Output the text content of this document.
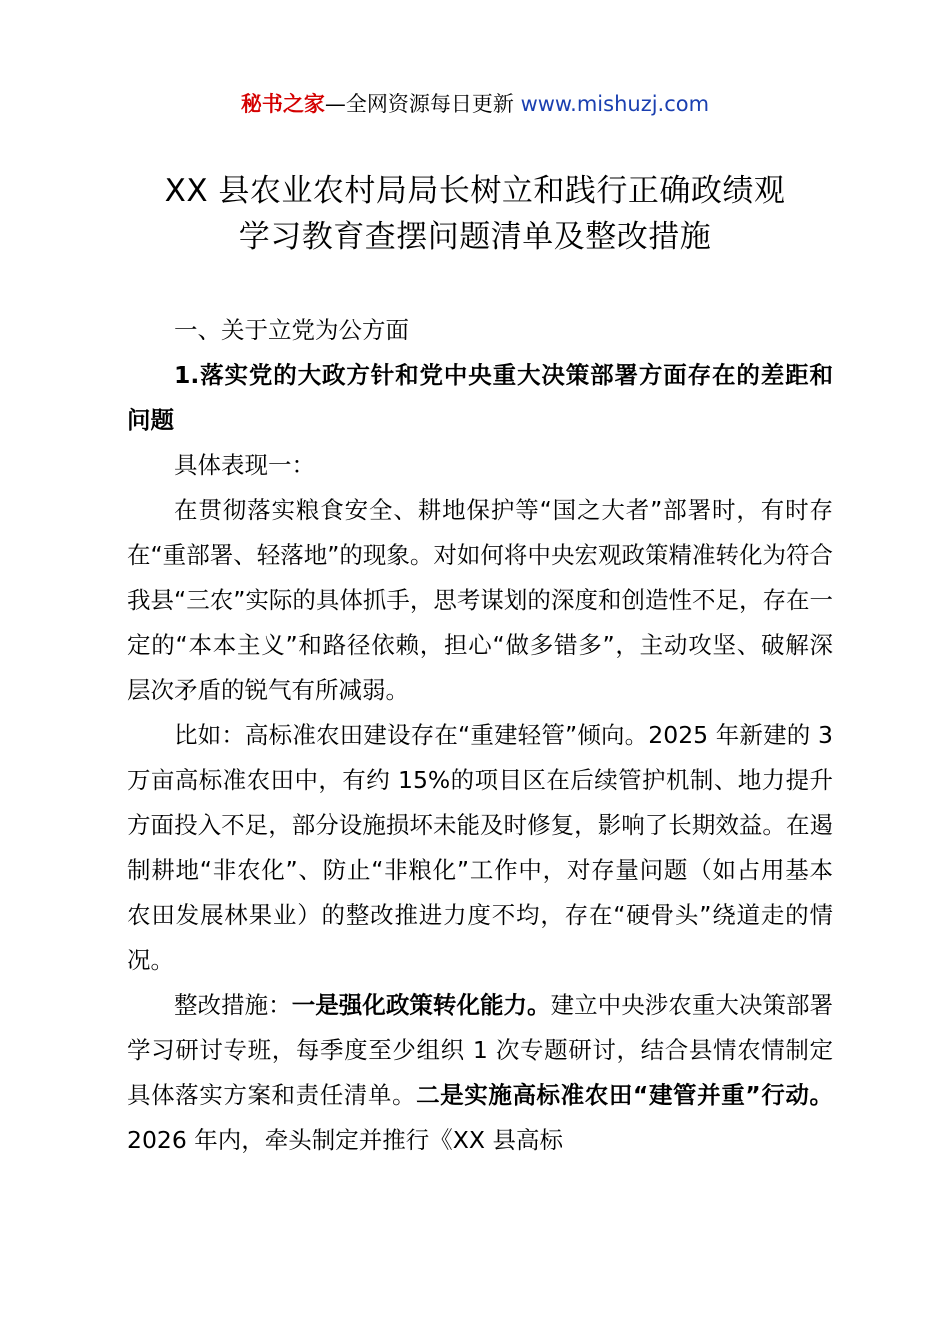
秘书之家—全网资源每日更新 www.mishuzj.com
XX 县农业农村局局长树立和践行正确政绩观
学习教育查摆问题清单及整改措施

一、关于立党为公方面

1.落实党的大政方针和党中央重大决策部署方面存在的差距和问题

具体表现一：

在贯彻落实粮食安全、耕地保护等“国之大者”部署时，有时存在“重部署、轻落地”的现象。对如何将中央宏观政策精准转化为符合我县“三农”实际的具体抓手，思考谋划的深度和创造性不足，存在一定的“本本主义”和路径依赖，担心“做多错多”，主动攻坚、破解深层次矛盾的锐气有所减弱。

比如：高标准农田建设存在“重建轻管”倾向。2025 年新建的 3 万亩高标准农田中，有约 15%的项目区在后续管护机制、地力提升方面投入不足，部分设施损坏未能及时修复，影响了长期效益。在遏制耕地“非农化”、防止“非粮化”工作中，对存量问题（如占用基本农田发展林果业）的整改推进力度不均，存在“硬骨头”绕道走的情况。

整改措施：一是强化政策转化能力。建立中央涉农重大决策部署学习研讨专班，每季度至少组织 1 次专题研讨，结合县情农情制定具体落实方案和责任清单。二是实施高标准农田“建管并重”行动。2026 年内，牵头制定并推行《XX 县高标
